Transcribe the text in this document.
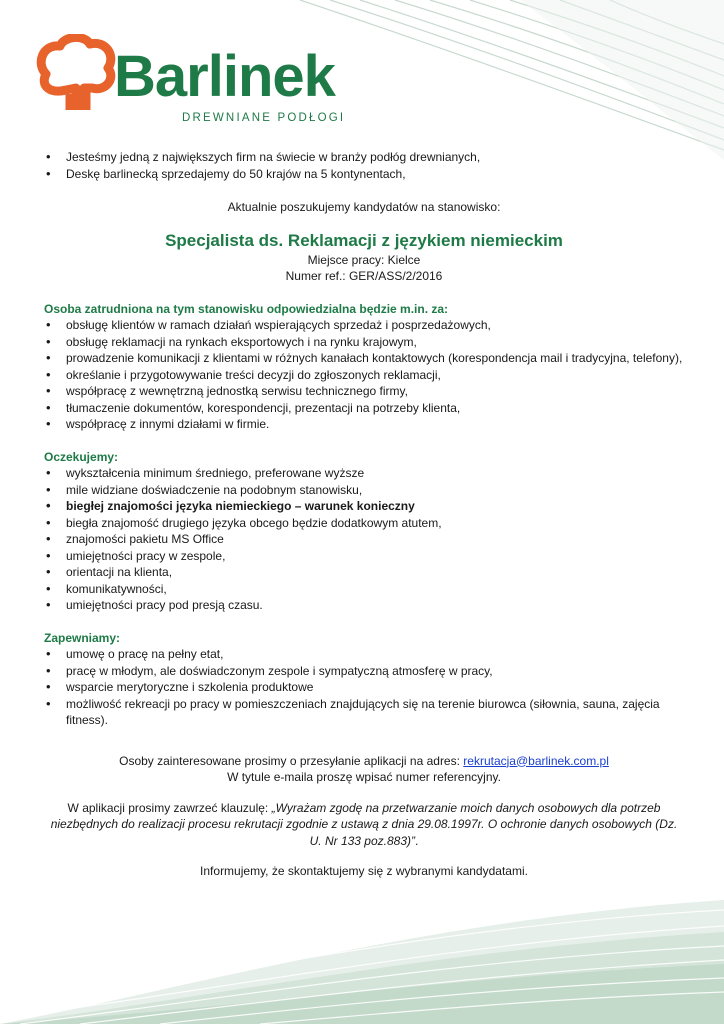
Barlinek
DREWNIANE PODŁOGI
• Jesteśmy jedną z największych firm na świecie w branży podłóg drewnianych,
• Deskę barlinecką sprzedajemy do 50 krajów na 5 kontynentach,
Aktualnie poszukujemy kandydatów na stanowisko:
Specjalista ds. Reklamacji z językiem niemieckim
Miejsce pracy: Kielce
Numer ref.: GER/ASS/2/2016
Osoba zatrudniona na tym stanowisku odpowiedzialna będzie m.in. za:
• obsługę klientów w ramach działań wspierających sprzedaż i posprzedażowych,
• obsługę reklamacji na rynkach eksportowych i na rynku krajowym,
• prowadzenie komunikacji z klientami w różnych kanałach kontaktowych (korespondencja mail i tradycyjna, telefony),
• określanie i przygotowywanie treści decyzji do zgłoszonych reklamacji,
• współpracę z wewnętrzną jednostką serwisu technicznego firmy,
• tłumaczenie dokumentów, korespondencji, prezentacji na potrzeby klienta,
• współpracę z innymi działami w firmie.
Oczekujemy:
• wykształcenia minimum średniego, preferowane wyższe
• mile widziane doświadczenie na podobnym stanowisku,
• biegłej znajomości języka niemieckiego – warunek konieczny
• biegła znajomość drugiego języka obcego będzie dodatkowym atutem,
• znajomości pakietu MS Office
• umiejętności pracy w zespole,
• orientacji na klienta,
• komunikatywności,
• umiejętności pracy pod presją czasu.
Zapewniamy:
• umowę o pracę na pełny etat,
• pracę w młodym, ale doświadczonym zespole i sympatyczną atmosferę w pracy,
• wsparcie merytoryczne i szkolenia produktowe
• możliwość rekreacji po pracy w pomieszczeniach znajdujących się na terenie biurowca (siłownia, sauna, zajęcia fitness).
Osoby zainteresowane prosimy o przesyłanie aplikacji na adres: rekrutacja@barlinek.com.pl
W tytule e-maila proszę wpisać numer referencyjny.
W aplikacji prosimy zawrzeć klauzulę: „Wyrażam zgodę na przetwarzanie moich danych osobowych dla potrzeb niezbędnych do realizacji procesu rekrutacji zgodnie z ustawą z dnia 29.08.1997r. O ochronie danych osobowych (Dz. U. Nr 133 poz.883)”.
Informujemy, że skontaktujemy się z wybranymi kandydatami.
